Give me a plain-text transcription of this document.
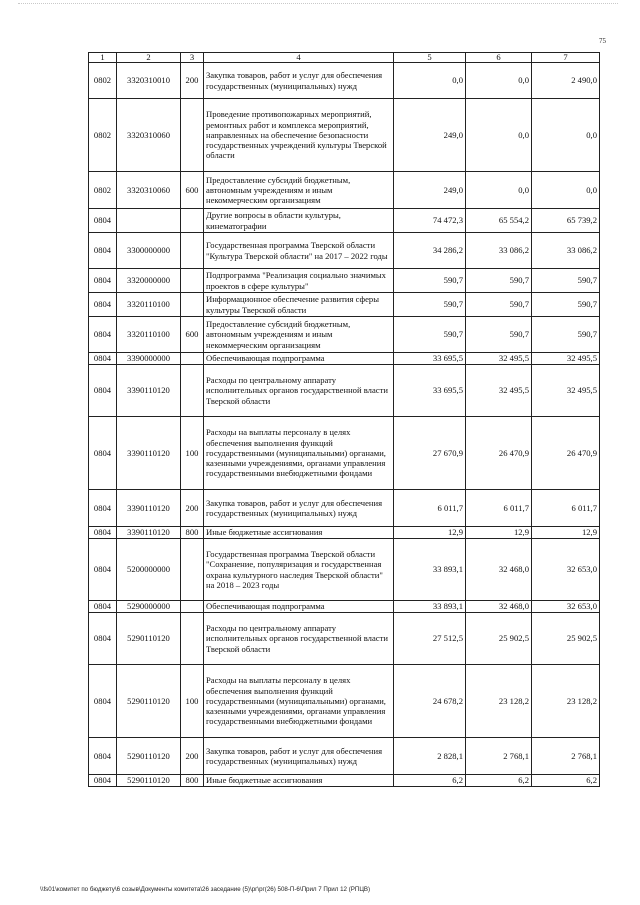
75
1	2	3	4	5	6	7
0802	3320310010	200	Закупка товаров, работ и услуг для обеспечения государственных (муниципальных) нужд	0,0	0,0	2 490,0
0802	3320310060		Проведение противопожарных мероприятий, ремонтных работ и комплекса мероприятий, направленных на обеспечение безопасности государственных учреждений культуры Тверской области	249,0	0,0	0,0
0802	3320310060	600	Предоставление субсидий бюджетным, автономным учреждениям и иным некоммерческим организациям	249,0	0,0	0,0
0804			Другие вопросы в области культуры, кинематографии	74 472,3	65 554,2	65 739,2
0804	3300000000		Государственная программа Тверской области "Культура Тверской области" на 2017 – 2022 годы	34 286,2	33 086,2	33 086,2
0804	3320000000		Подпрограмма "Реализация социально значимых проектов в сфере культуры"	590,7	590,7	590,7
0804	3320110100		Информационное обеспечение развития сферы культуры Тверской области	590,7	590,7	590,7
0804	3320110100	600	Предоставление субсидий бюджетным, автономным учреждениям и иным некоммерческим организациям	590,7	590,7	590,7
0804	3390000000		Обеспечивающая подпрограмма	33 695,5	32 495,5	32 495,5
0804	3390110120		Расходы по центральному аппарату исполнительных органов государственной власти Тверской области	33 695,5	32 495,5	32 495,5
0804	3390110120	100	Расходы на выплаты персоналу в целях обеспечения выполнения функций государственными (муниципальными) органами, казенными учреждениями, органами управления государственными внебюджетными фондами	27 670,9	26 470,9	26 470,9
0804	3390110120	200	Закупка товаров, работ и услуг для обеспечения государственных (муниципальных) нужд	6 011,7	6 011,7	6 011,7
0804	3390110120	800	Иные бюджетные ассигнования	12,9	12,9	12,9
0804	5200000000		Государственная программа Тверской области "Сохранение, популяризация и государственная охрана культурного наследия Тверской области" на 2018 – 2023 годы	33 893,1	32 468,0	32 653,0
0804	5290000000		Обеспечивающая подпрограмма	33 893,1	32 468,0	32 653,0
0804	5290110120		Расходы по центральному аппарату исполнительных органов государственной власти Тверской области	27 512,5	25 902,5	25 902,5
0804	5290110120	100	Расходы на выплаты персоналу в целях обеспечения выполнения функций государственными (муниципальными) органами, казенными учреждениями, органами управления государственными внебюджетными фондами	24 678,2	23 128,2	23 128,2
0804	5290110120	200	Закупка товаров, работ и услуг для обеспечения государственных (муниципальных) нужд	2 828,1	2 768,1	2 768,1
0804	5290110120	800	Иные бюджетные ассигнования	6,2	6,2	6,2
\\fs01\комитет по бюджету\6 созыв\Документы комитета\26 заседание (5)\рг\рг(26) 508-П-6\Прил 7 Прил 12 (РПЦВ)
